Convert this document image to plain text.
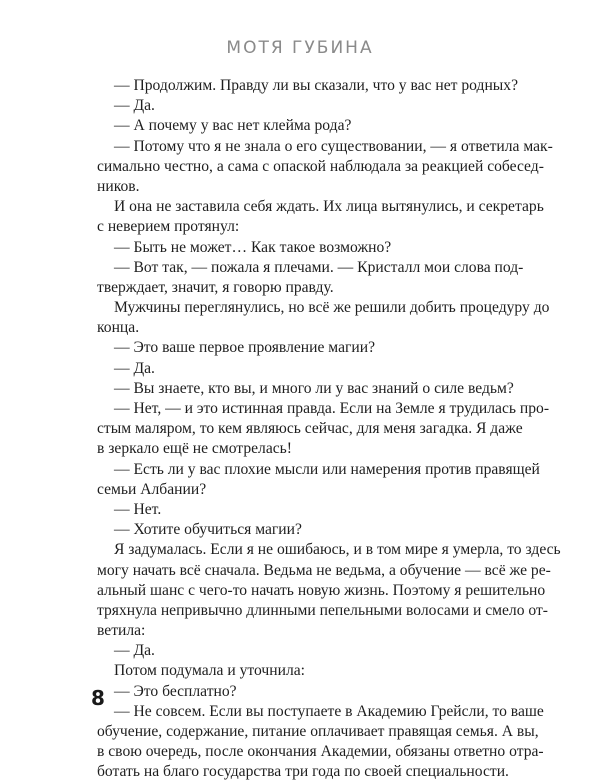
МОТЯ ГУБИНА
— Продолжим. Правду ли вы сказали, что у вас нет родных?
— Да.
— А почему у вас нет клейма рода?
— Потому что я не знала о его существовании, — я ответила мак-
симально честно, а сама с опаской наблюдала за реакцией собесед-
ников.
И она не заставила себя ждать. Их лица вытянулись, и секретарь
с неверием протянул:
— Быть не может… Как такое возможно?
— Вот так, — пожала я плечами. — Кристалл мои слова под-
тверждает, значит, я говорю правду.
Мужчины переглянулись, но всё же решили добить процедуру до
конца.
— Это ваше первое проявление магии?
— Да.
— Вы знаете, кто вы, и много ли у вас знаний о силе ведьм?
— Нет, — и это истинная правда. Если на Земле я трудилась про-
стым маляром, то кем являюсь сейчас, для меня загадка. Я даже
в зеркало ещё не смотрелась!
— Есть ли у вас плохие мысли или намерения против правящей
семьи Албании?
— Нет.
— Хотите обучиться магии?
Я задумалась. Если я не ошибаюсь, и в том мире я умерла, то здесь
могу начать всё сначала. Ведьма не ведьма, а обучение — всё же ре-
альный шанс с чего-то начать новую жизнь. Поэтому я решительно
тряхнула непривычно длинными пепельными волосами и смело от-
ветила:
— Да.
Потом подумала и уточнила:
— Это бесплатно?
— Не совсем. Если вы поступаете в Академию Грейсли, то ваше
обучение, содержание, питание оплачивает правящая семья. А вы,
в свою очередь, после окончания Академии, обязаны ответно отра-
ботать на благо государства три года по своей специальности.
8
